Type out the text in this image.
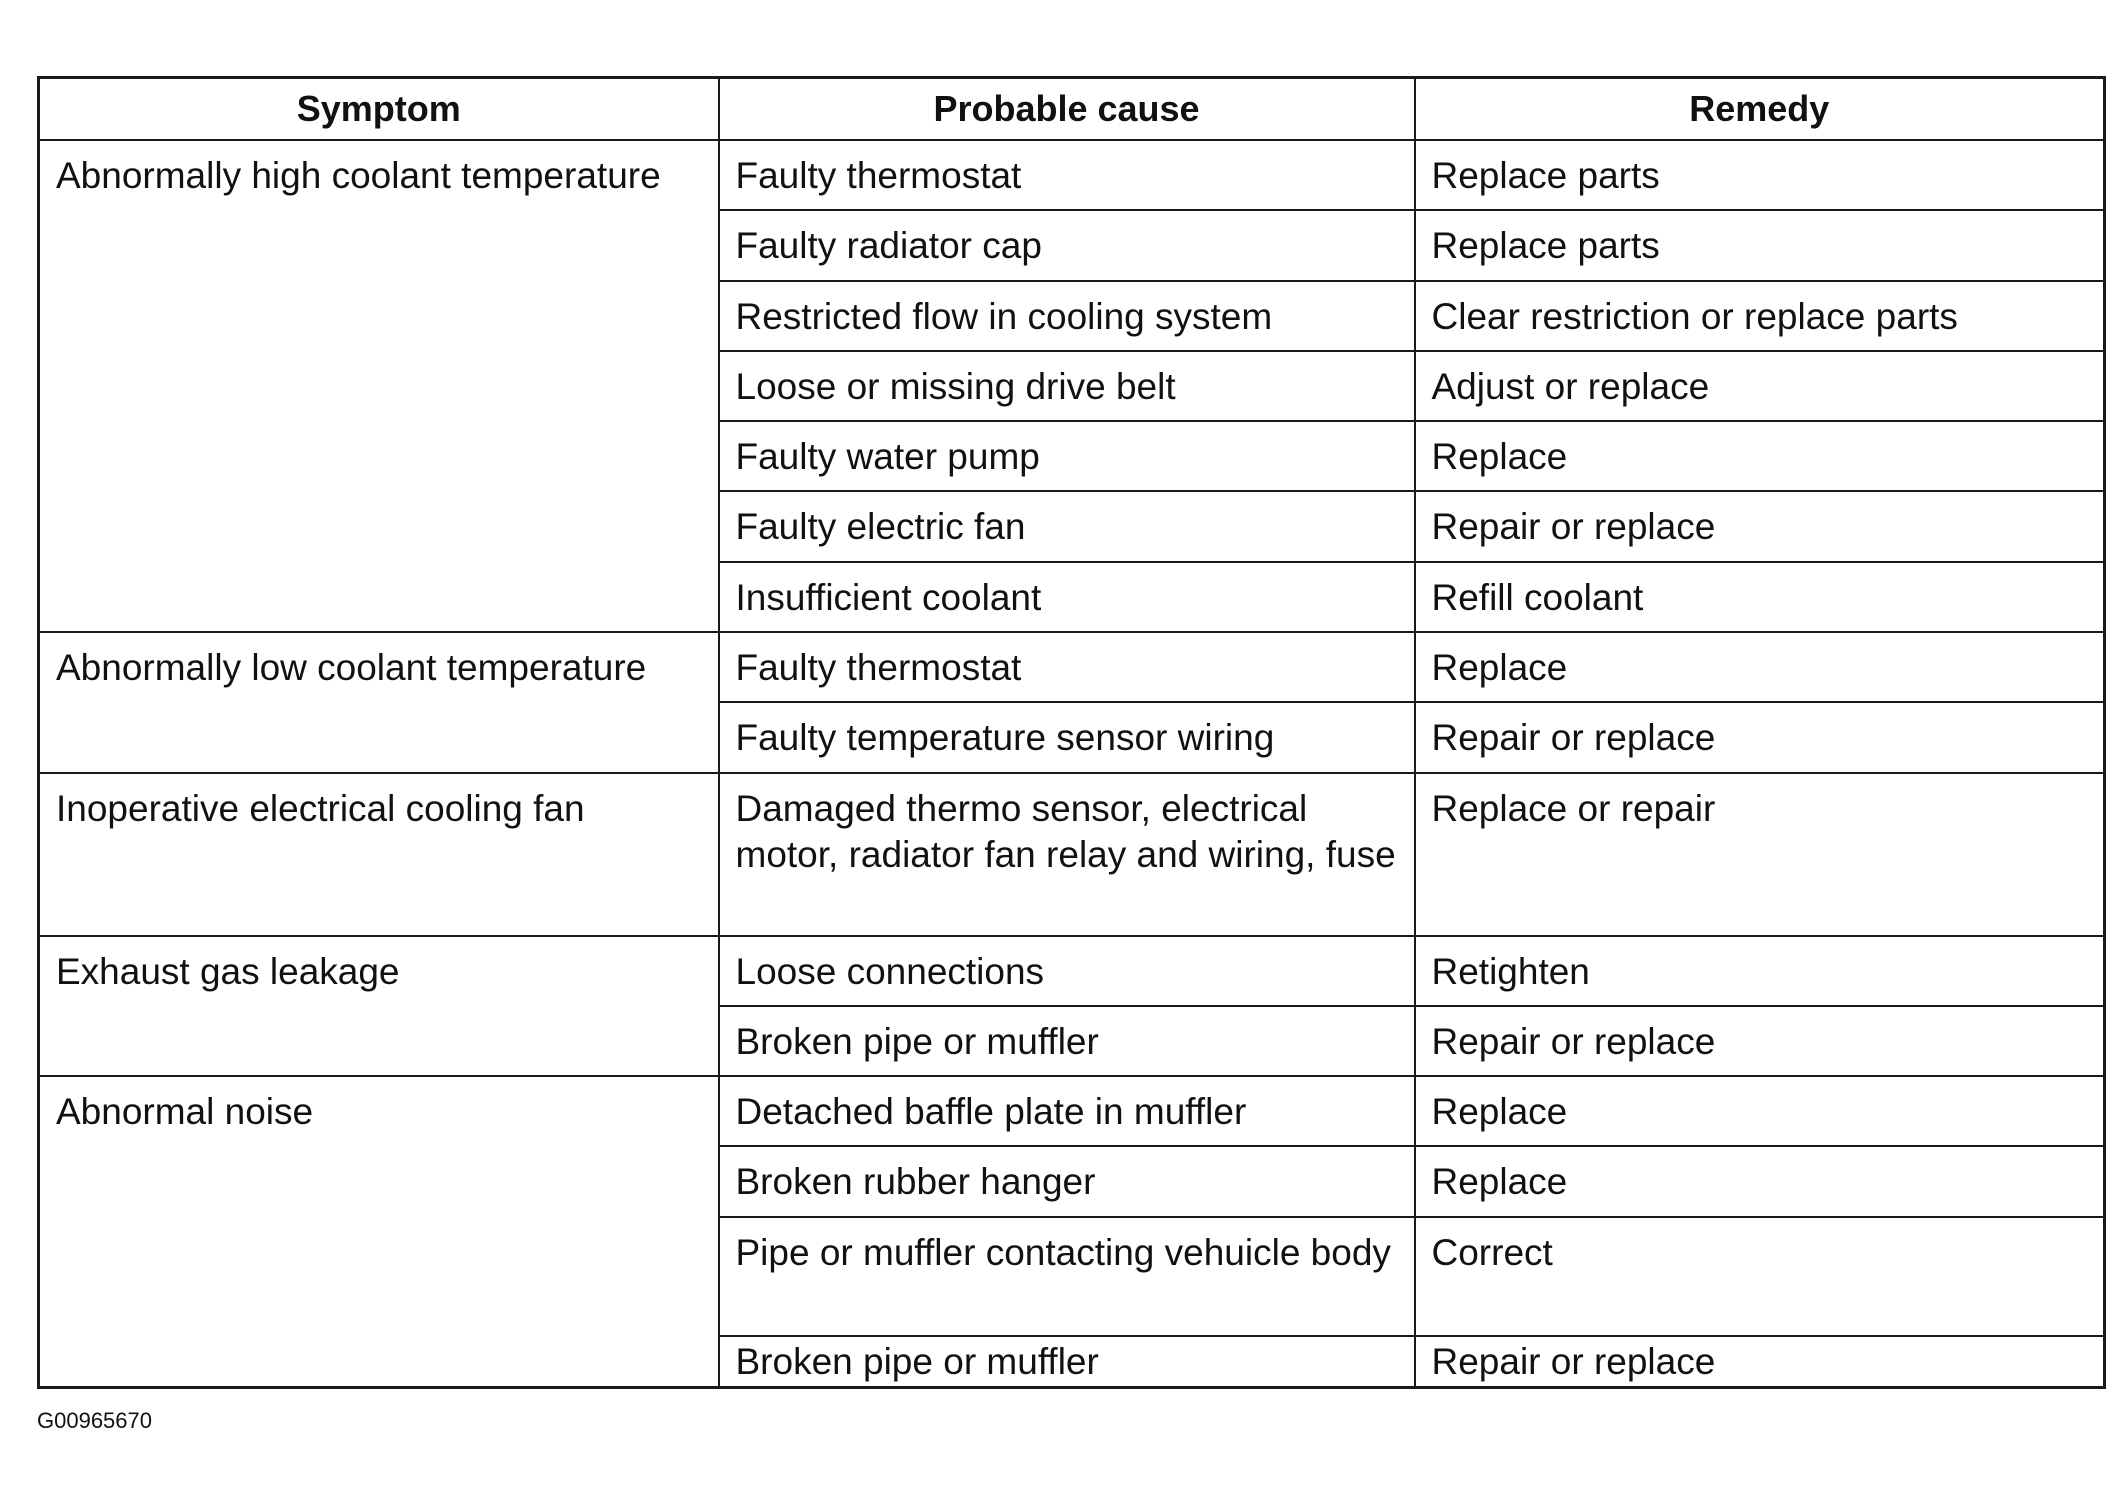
Symptom	Probable cause	Remedy

Abnormally high coolant temperature	Faulty thermostat	Replace parts

	Faulty radiator cap	Replace parts

	Restricted flow in cooling system	Clear restriction or replace parts

	Loose or missing drive belt	Adjust or replace

	Faulty water pump	Replace

	Faulty electric fan	Repair or replace

	Insufficient coolant	Refill coolant

Abnormally low coolant temperature	Faulty thermostat	Replace

	Faulty temperature sensor wiring	Repair or replace

Inoperative electrical cooling fan	Damaged thermo sensor, electrical motor, radiator fan relay and wiring, fuse	Replace or repair

Exhaust gas leakage	Loose connections	Retighten

	Broken pipe or muffler	Repair or replace

Abnormal noise	Detached baffle plate in muffler	Replace

	Broken rubber hanger	Replace

	Pipe or muffler contacting vehuicle body	Correct

	Broken pipe or muffler	Repair or replace
G00965670
